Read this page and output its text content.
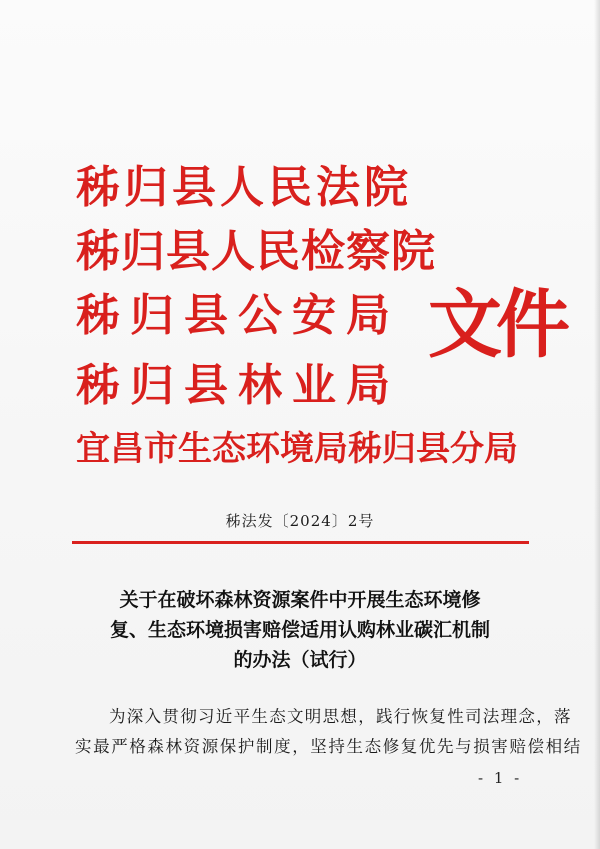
秭归县人民法院
秭归县人民检察院
秭归县公安局
秭归县林业局
宜昌市生态环境局秭归县分局
文件
秭法发〔2024〕2号
关于在破坏森林资源案件中开展生态环境修
复、生态环境损害赔偿适用认购林业碳汇机制
的办法（试行）
为深入贯彻习近平生态文明思想，践行恢复性司法理念，落
实最严格森林资源保护制度，坚持生态修复优先与损害赔偿相结
- 1 -
